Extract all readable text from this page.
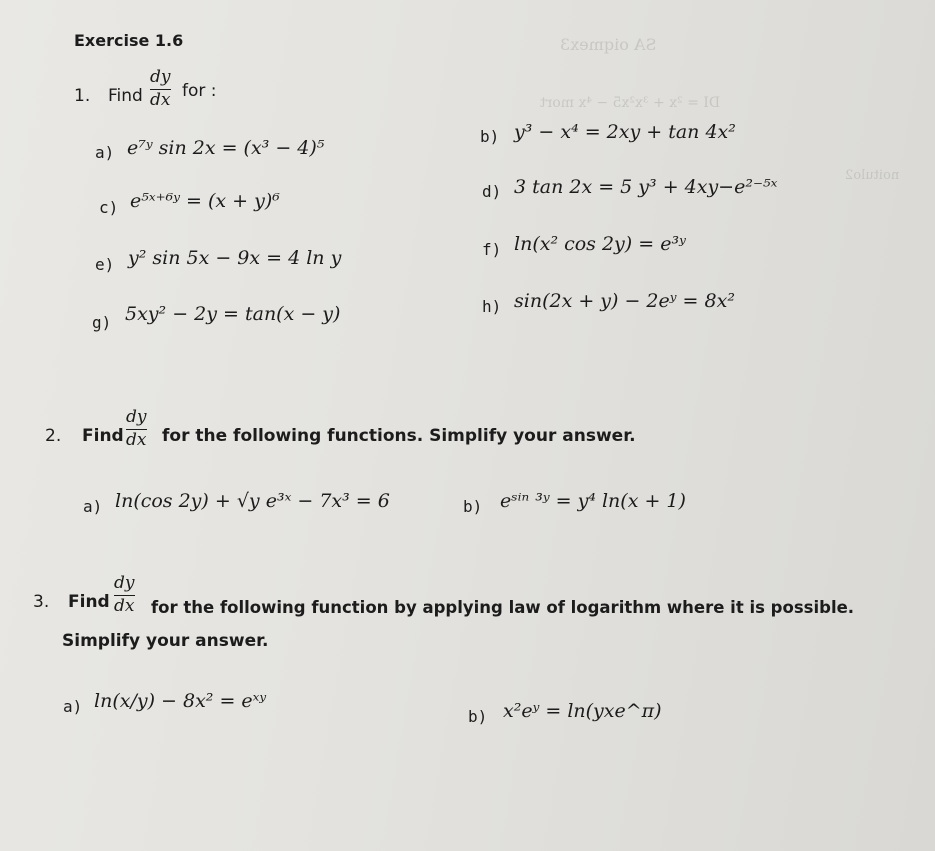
SA oiqmex3
DI = ²x + ³x²x5 − ⁴x mort
noitulo2
Exercise 1.6
1. Find
dy
dx for :
a) e⁷ʸ sin 2x = (x³ − 4)⁵
b) y³ − x⁴ = 2xy + tan 4x²
c) e⁵ˣ⁺⁶ʸ = (x + y)⁶	d) 3 tan 2x = 5 y³ + 4xy−e²⁻⁵ˣ
e) y² sin 5x − 9x = 4 ln y	f) ln(x² cos 2y) = e³ʸ
g) 5xy² − 2y = tan(x − y)	h) sin(2x + y) − 2eʸ = 8x²
2. Find
dy
dx for the following functions. Simplify your answer.
a) ln(cos 2y) + √y e³ˣ − 7x³ = 6	b) eˢⁱⁿ ³ʸ = y⁴ ln(x + 1)
3. Find
dy
dx for the following function by applying law of logarithm where it is possible.
Simplify your answer.
a) ln(x/y) − 8x² = eˣʸ
b) x²eʸ = ln(yxe^π)
